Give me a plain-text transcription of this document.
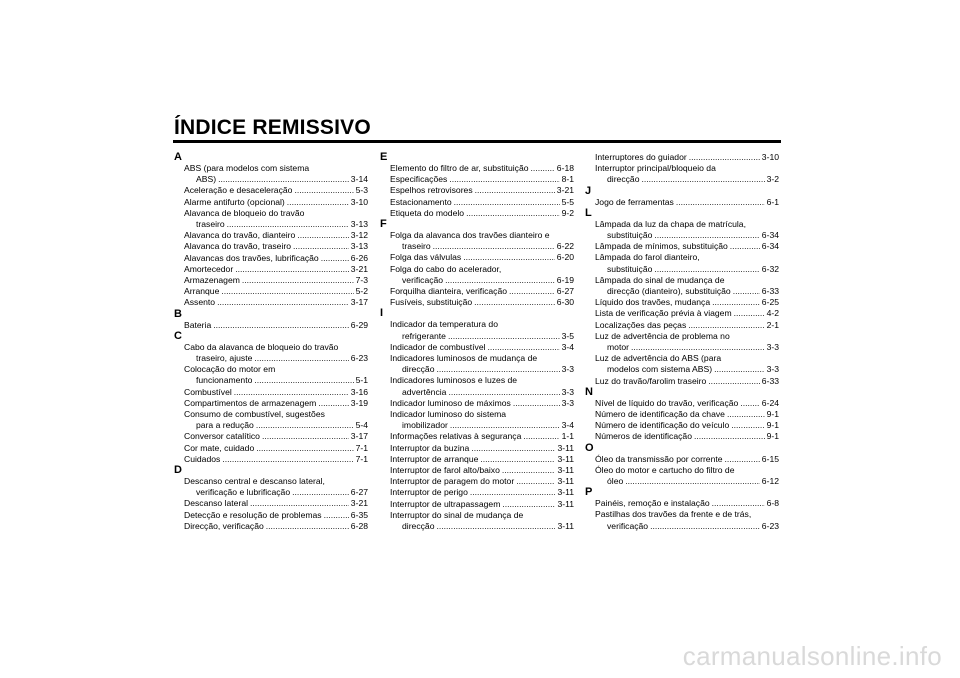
ÍNDICE REMISSIVO
A
ABS (para modelos com sistema
ABS) .....	3-14
Aceleração e desaceleração .....	5-3
Alarme antifurto (opcional) .....	3-10
Alavanca de bloqueio do travão
traseiro .....	3-13
Alavanca do travão, dianteiro .....	3-12
Alavanca do travão, traseiro .....	3-13
Alavancas dos travões, lubrificação .....	6-26
Amortecedor .....	3-21
Armazenagem .....	7-3
Arranque .....	5-2
Assento .....	3-17
B
Bateria .....	6-29
C
Cabo da alavanca de bloqueio do travão
traseiro, ajuste .....	6-23
Colocação do motor em
funcionamento .....	5-1
Combustível .....	3-16
Compartimentos de armazenagem .....	3-19
Consumo de combustível, sugestões
para a redução .....	5-4
Conversor catalítico .....	3-17
Cor mate, cuidado .....	7-1
Cuidados .....	7-1
D
Descanso central e descanso lateral,
verificação e lubrificação .....	6-27
Descanso lateral .....	3-21
Detecção e resolução de problemas .....	6-35
Direcção, verificação .....	6-28
E
Elemento do filtro de ar, substituição .....	6-18
Especificações .....	8-1
Espelhos retrovisores .....	3-21
Estacionamento .....	5-5
Etiqueta do modelo .....	9-2
F
Folga da alavanca dos travões dianteiro e
traseiro .....	6-22
Folga das válvulas .....	6-20
Folga do cabo do acelerador,
verificação .....	6-19
Forquilha dianteira, verificação .....	6-27
Fusíveis, substituição .....	6-30
I
Indicador da temperatura do
refrigerante .....	3-5
Indicador de combustível .....	3-4
Indicadores luminosos de mudança de
direcção .....	3-3
Indicadores luminosos e luzes de
advertência .....	3-3
Indicador luminoso de máximos .....	3-3
Indicador luminoso do sistema
imobilizador .....	3-4
Informações relativas à segurança .....	1-1
Interruptor da buzina .....	3-11
Interruptor de arranque .....	3-11
Interruptor de farol alto/baixo .....	3-11
Interruptor de paragem do motor .....	3-11
Interruptor de perigo .....	3-11
Interruptor de ultrapassagem .....	3-11
Interruptor do sinal de mudança de
direcção .....	3-11
Interruptores do guiador .....	3-10
Interruptor principal/bloqueio da
direcção .....	3-2
J
Jogo de ferramentas .....	6-1
L
Lâmpada da luz da chapa de matrícula,
substituição .....	6-34
Lâmpada de mínimos, substituição .....	6-34
Lâmpada do farol dianteiro,
substituição .....	6-32
Lâmpada do sinal de mudança de
direcção (dianteiro), substituição .....	6-33
Líquido dos travões, mudança .....	6-25
Lista de verificação prévia à viagem .....	4-2
Localizações das peças .....	2-1
Luz de advertência de problema no
motor .....	3-3
Luz de advertência do ABS (para
modelos com sistema ABS) .....	3-3
Luz do travão/farolim traseiro .....	6-33
N
Nível de líquido do travão, verificação .....	6-24
Número de identificação da chave .....	9-1
Número de identificação do veículo .....	9-1
Números de identificação .....	9-1
O
Óleo da transmissão por corrente .....	6-15
Óleo do motor e cartucho do filtro de
óleo .....	6-12
P
Painéis, remoção e instalação .....	6-8
Pastilhas dos travões da frente e de trás,
verificação .....	6-23
carmanualsonline.info
